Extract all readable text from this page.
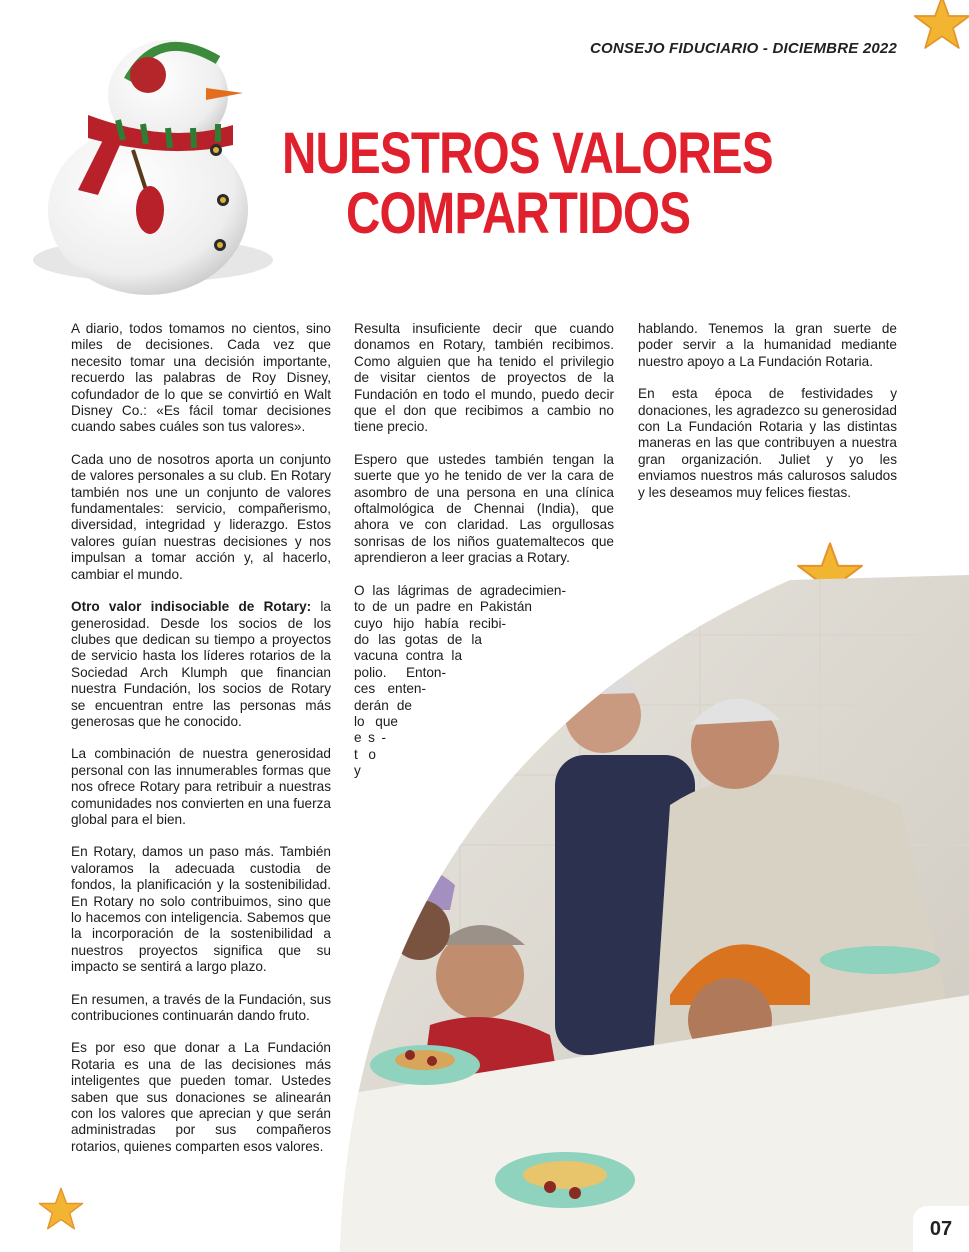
CONSEJO FIDUCIARIO - DICIEMBRE 2022
NUESTROS VALORES
COMPARTIDOS

A diario, todos tomamos no cientos, sino miles de decisiones. Cada vez que necesito tomar una decisión importante, recuerdo las palabras de Roy Disney, cofundador de lo que se convirtió en Walt Disney Co.: «Es fácil tomar decisiones cuando sabes cuáles son tus valores».

Cada uno de nosotros aporta un conjunto de valores personales a su club. En Rotary también nos une un conjunto de valores fundamentales: servicio, compañerismo, diversidad, integridad y liderazgo. Estos valores guían nuestras decisiones y nos impulsan a tomar acción y, al hacerlo, cambiar el mundo.

Otro valor indisociable de Rotary: la generosidad. Desde los socios de los clubes que dedican su tiempo a proyectos de servicio hasta los líderes rotarios de la Sociedad Arch Klumph que financian nuestra Fundación, los socios de Rotary se encuentran entre las personas más generosas que he conocido.

La combinación de nuestra generosidad personal con las innumerables formas que nos ofrece Rotary para retribuir a nuestras comunidades nos convierten en una fuerza global para el bien.

En Rotary, damos un paso más. También valoramos la adecuada custodia de fondos, la planificación y la sostenibilidad. En Rotary no solo contribuimos, sino que lo hacemos con inteligencia. Sabemos que la incorporación de la sostenibilidad a nuestros proyectos significa que su impacto se sentirá a largo plazo.

En resumen, a través de la Fundación, sus contribuciones continuarán dando fruto.

Es por eso que donar a La Fundación Rotaria es una de las decisiones más inteligentes que pueden tomar. Ustedes saben que sus donaciones se alinearán con los valores que aprecian y que serán administradas por sus compañeros rotarios, quienes comparten esos valores.

Resulta insuficiente decir que cuando donamos en Rotary, también recibimos. Como alguien que ha tenido el privilegio de visitar cientos de proyectos de la Fundación en todo el mundo, puedo decir que el don que recibimos a cambio no tiene precio.

Espero que ustedes también tengan la suerte que yo he tenido de ver la cara de asombro de una persona en una clínica oftalmológica de Chennai (India), que ahora ve con claridad. Las orgullosas sonrisas de los niños guatemaltecos que aprendieron a leer gracias a Rotary.

O las lágrimas de agradecimien-
to de un padre en Pakistán
cuyo hijo había recibi-
do las gotas de la
vacuna contra la
polio. Enton-
ces enten-
derán de
lo que
e s -
t o y

hablando. Tenemos la gran suerte de poder servir a la humanidad mediante nuestro apoyo a La Fundación Rotaria.

En esta época de festividades y donaciones, les agradezco su generosidad con La Fundación Rotaria y las distintas maneras en las que contribuyen a nuestra gran organización. Juliet y yo les enviamos nuestros más calurosos saludos y les deseamos muy felices fiestas.

07
